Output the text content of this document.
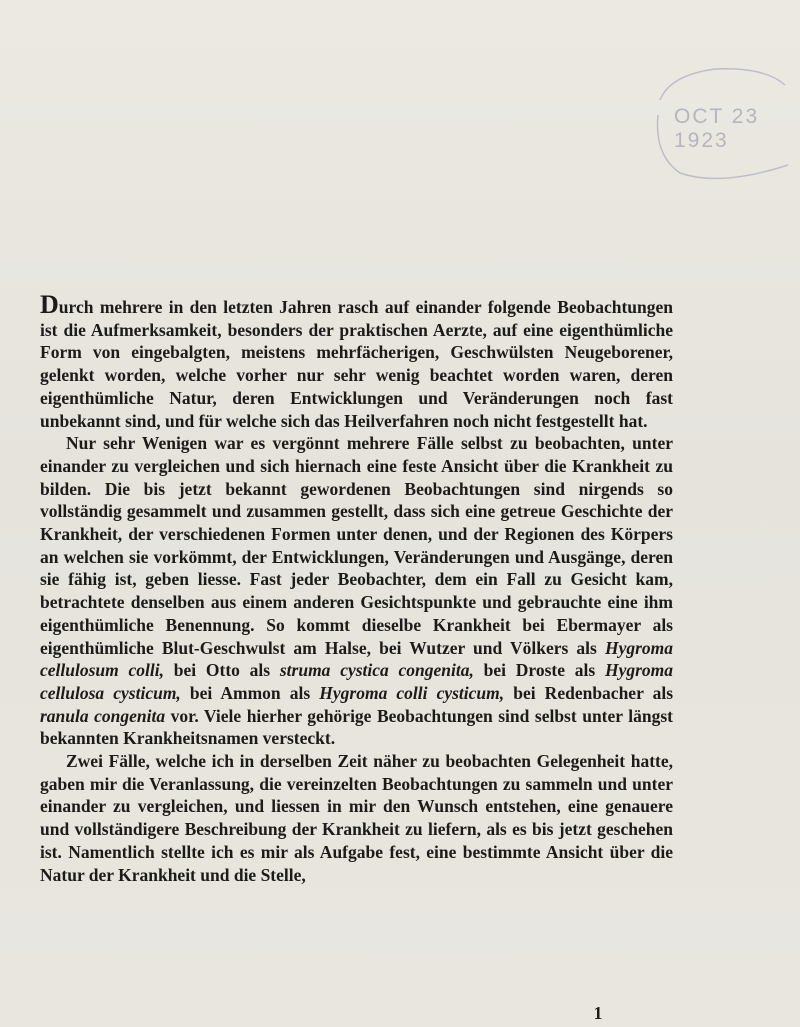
OCT 23 1923

Durch mehrere in den letzten Jahren rasch auf einander folgende Beobachtungen ist die Aufmerksamkeit, besonders der praktischen Aerzte, auf eine eigenthümliche Form von eingebalgten, meistens mehrfächerigen, Geschwülsten Neugeborener, gelenkt worden, welche vorher nur sehr wenig beachtet worden waren, deren eigenthümliche Natur, deren Entwicklungen und Veränderungen noch fast unbekannt sind, und für welche sich das Heilverfahren noch nicht festgestellt hat.

Nur sehr Wenigen war es vergönnt mehrere Fälle selbst zu beobachten, unter einander zu vergleichen und sich hiernach eine feste Ansicht über die Krankheit zu bilden. Die bis jetzt bekannt gewordenen Beobachtungen sind nirgends so vollständig gesammelt und zusammen gestellt, dass sich eine getreue Geschichte der Krankheit, der verschiedenen Formen unter denen, und der Regionen des Körpers an welchen sie vorkömmt, der Entwicklungen, Veränderungen und Ausgänge, deren sie fähig ist, geben liesse. Fast jeder Beobachter, dem ein Fall zu Gesicht kam, betrachtete denselben aus einem anderen Gesichtspunkte und gebrauchte eine ihm eigenthümliche Benennung. So kommt dieselbe Krankheit bei Ebermayer als eigenthümliche Blut-Geschwulst am Halse, bei Wutzer und Völkers als Hygroma cellulosum colli, bei Otto als struma cystica congenita, bei Droste als Hygroma cellulosa cysticum, bei Ammon als Hygroma colli cysticum, bei Redenbacher als ranula congenita vor. Viele hierher gehörige Beobachtungen sind selbst unter längst bekannten Krankheitsnamen versteckt.

Zwei Fälle, welche ich in derselben Zeit näher zu beobachten Gelegenheit hatte, gaben mir die Veranlassung, die vereinzelten Beobachtungen zu sammeln und unter einander zu vergleichen, und liessen in mir den Wunsch entstehen, eine genauere und vollständigere Beschreibung der Krankheit zu liefern, als es bis jetzt geschehen ist. Namentlich stellte ich es mir als Aufgabe fest, eine bestimmte Ansicht über die Natur der Krankheit und die Stelle,

1
